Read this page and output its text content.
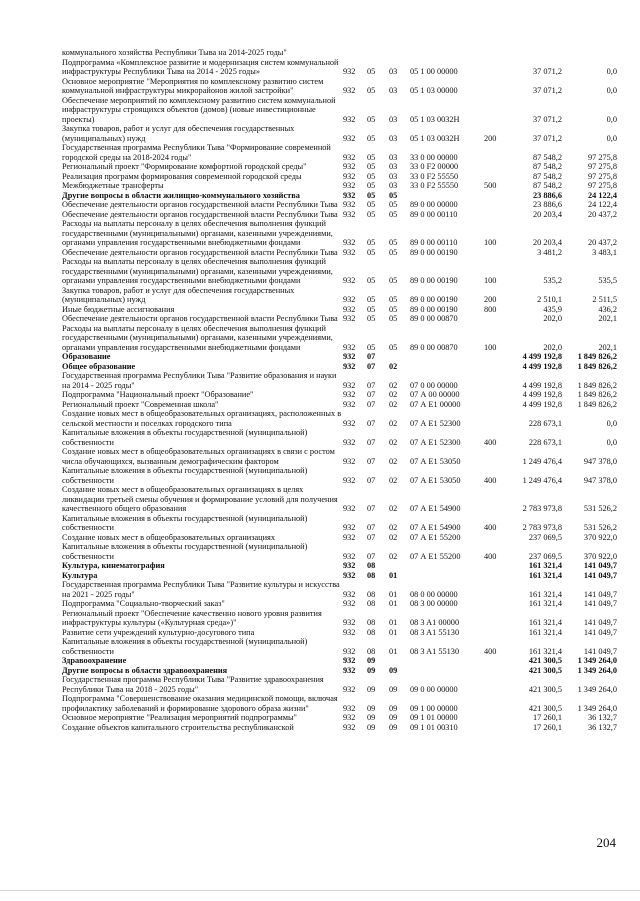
коммунального хозяйства Республики Тыва на 2014-2025 годы"							
Подпрограмма «Комплексное развитие и модернизация систем коммунальной инфраструктуры Республики Тыва на 2014 - 2025 годы»	932	05	03	05 1 00 00000		37 071,2	0,0
Основное мероприятие "Мероприятия по комплексному развитию систем коммунальной инфраструктуры микрорайонов жилой застройки"	932	05	03	05 1 03 00000		37 071,2	0,0
Обеспечение мероприятий по комплексному развитию систем коммунальной инфраструктуры строящихся объектов (домов) (новые инвестиционные проекты)	932	05	03	05 1 03 0032Н		37 071,2	0,0
Закупка товаров, работ и услуг для обеспечения государственных (муниципальных) нужд	932	05	03	05 1 03 0032Н	200	37 071,2	0,0
Государственная программа Республики Тыва "Формирование современной городской среды на 2018-2024 годы"	932	05	03	33 0 00 00000		87 548,2	97 275,8
Региональный проект "Формирование комфортной городской среды"	932	05	03	33 0 F2 00000		87 548,2	97 275,8
Реализация программ формирования современной городской среды	932	05	03	33 0 F2 55550		87 548,2	97 275,8
Межбюджетные трансферты	932	05	03	33 0 F2 55550	500	87 548,2	97 275,8
Другие вопросы в области жилищно-коммунального хозяйства	932	05	05			23 886,6	24 122,4
Обеспечение деятельности органов государственной власти Республики Тыва	932	05	05	89 0 00 00000		23 886,6	24 122,4
Обеспечение деятельности органов государственной власти Республики Тыва	932	05	05	89 0 00 00110		20 203,4	20 437,2
Расходы на выплаты персоналу в целях обеспечения выполнения функций государственными (муниципальными) органами, казенными учреждениями, органами управления государственными внебюджетными фондами	932	05	05	89 0 00 00110	100	20 203,4	20 437,2
Обеспечение деятельности органов государственной власти Республики Тыва	932	05	05	89 0 00 00190		3 481,2	3 483,1
Расходы на выплаты персоналу в целях обеспечения выполнения функций государственными (муниципальными) органами, казенными учреждениями, органами управления государственными внебюджетными фондами	932	05	05	89 0 00 00190	100	535,2	535,5
Закупка товаров, работ и услуг для обеспечения государственных (муниципальных) нужд	932	05	05	89 0 00 00190	200	2 510,1	2 511,5
Иные бюджетные ассигнования	932	05	05	89 0 00 00190	800	435,9	436,2
Обеспечение деятельности органов государственной власти Республики Тыва	932	05	05	89 0 00 00870		202,0	202,1
Расходы на выплаты персоналу в целях обеспечения выполнения функций государственными (муниципальными) органами, казенными учреждениями, органами управления государственными внебюджетными фондами	932	05	05	89 0 00 00870	100	202,0	202,1
Образование	932	07				4 499 192,8	1 849 826,2
Общее образование	932	07	02			4 499 192,8	1 849 826,2
Государственная программа Республики Тыва "Развитие образования и науки на 2014 - 2025 годы"	932	07	02	07 0 00 00000		4 499 192,8	1 849 826,2
Подпрограмма "Национальный проект "Образование"	932	07	02	07 А 00 00000		4 499 192,8	1 849 826,2
Региональный проект "Современная школа"	932	07	02	07 А E1 00000		4 499 192,8	1 849 826,2
Создание новых мест в общеобразовательных организациях, расположенных в сельской местности и поселках городского типа	932	07	02	07 А E1 52300		228 673,1	0,0
Капитальные вложения в объекты государственной (муниципальной) собственности	932	07	02	07 А E1 52300	400	228 673,1	0,0
Создание новых мест в общеобразовательных организациях в связи с ростом числа обучающихся, вызванным демографическим фактором	932	07	02	07 А E1 53050		1 249 476,4	947 378,0
Капитальные вложения в объекты государственной (муниципальной) собственности	932	07	02	07 А E1 53050	400	1 249 476,4	947 378,0
Создание новых мест в общеобразовательных организациях в целях ликвидации третьей смены обучения и формирование условий для получения качественного общего образования	932	07	02	07 А E1 54900		2 783 973,8	531 526,2
Капитальные вложения в объекты государственной (муниципальной) собственности	932	07	02	07 А E1 54900	400	2 783 973,8	531 526,2
Создание новых мест в общеобразовательных организациях	932	07	02	07 А E1 55200		237 069,5	370 922,0
Капитальные вложения в объекты государственной (муниципальной) собственности	932	07	02	07 А E1 55200	400	237 069,5	370 922,0
Культура, кинематография	932	08				161 321,4	141 049,7
Культура	932	08	01			161 321,4	141 049,7
Государственная программа Республики Тыва "Развитие культуры и искусства на 2021 - 2025 годы"	932	08	01	08 0 00 00000		161 321,4	141 049,7
Подпрограмма "Социально-творческий заказ"	932	08	01	08 3 00 00000		161 321,4	141 049,7
Региональный проект "Обеспечение качественно нового уровня развития инфраструктуры культуры («Культурная среда»)"	932	08	01	08 3 A1 00000		161 321,4	141 049,7
Развитие сети учреждений культурно-досугового типа	932	08	01	08 3 A1 55130		161 321,4	141 049,7
Капитальные вложения в объекты государственной (муниципальной) собственности	932	08	01	08 3 A1 55130	400	161 321,4	141 049,7
Здравоохранение	932	09				421 300,5	1 349 264,0
Другие вопросы в области здравоохранения	932	09	09			421 300,5	1 349 264,0
Государственная программа Республики Тыва "Развитие здравоохранения Республики Тыва на 2018 - 2025 годы"	932	09	09	09 0 00 00000		421 300,5	1 349 264,0
Подпрограмма "Совершенствование оказания медицинской помощи, включая профилактику заболеваний и формирование здорового образа жизни"	932	09	09	09 1 00 00000		421 300,5	1 349 264,0
Основное мероприятие "Реализация мероприятий подпрограммы"	932	09	09	09 1 01 00000		17 260,1	36 132,7
Создание объектов капитального строительства республиканской	932	09	09	09 1 01 00310		17 260,1	36 132,7
204
